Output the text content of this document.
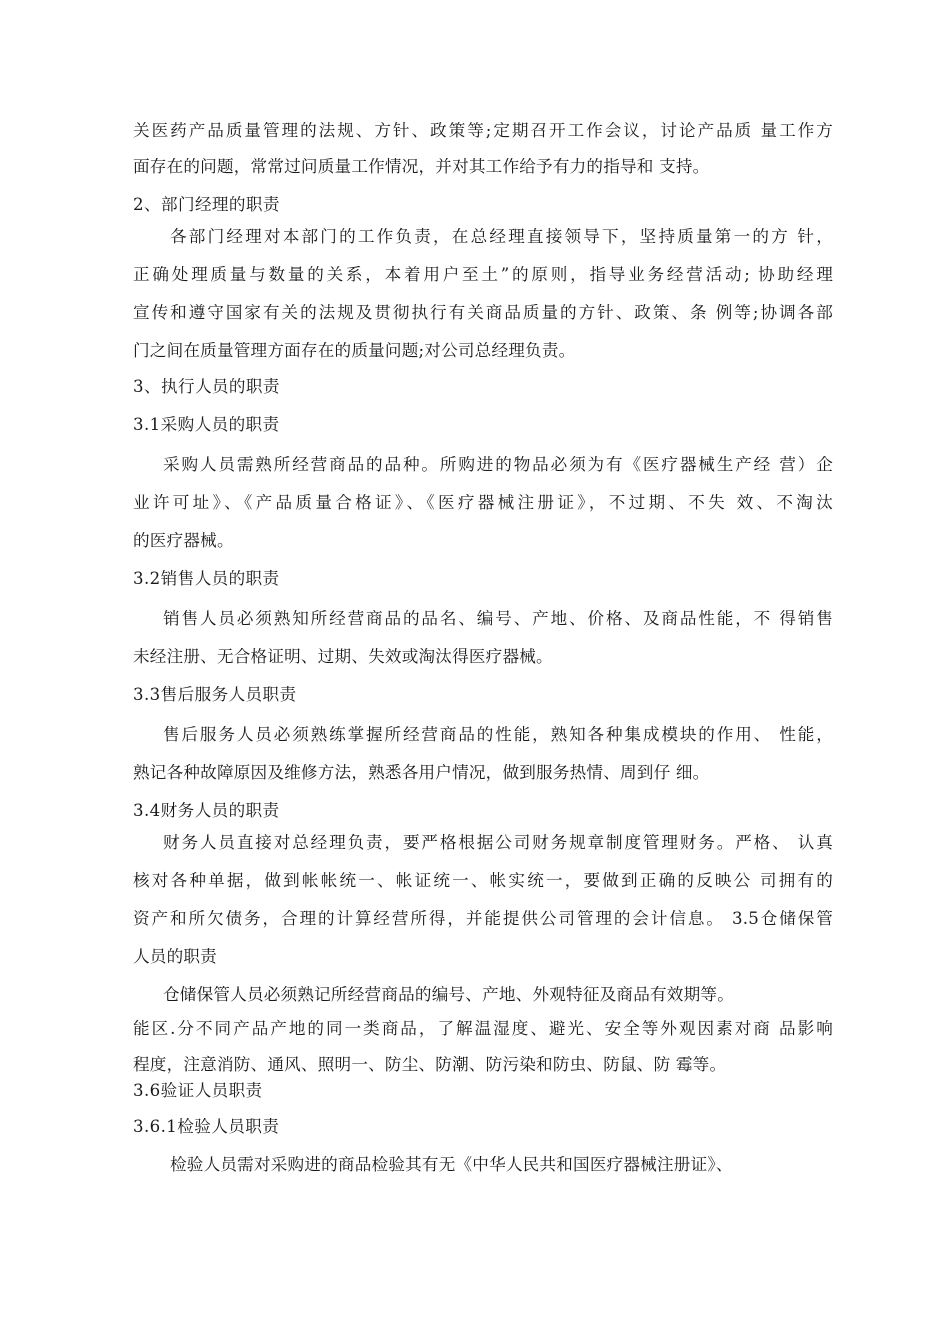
关医药产品质量管理的法规、方针、政策等;定期召开工作会议，讨论产品质 量工作方
面存在的问题，常常过问质量工作情况，并对其工作给予有力的指导和 支持。
2、部门经理的职责
各部门经理对本部门的工作负责，在总经理直接领导下，坚持质量第一的方 针，
正确处理质量与数量的关系，本着用户至土”的原则，指导业务经营活动; 协助经理
宣传和遵守国家有关的法规及贯彻执行有关商品质量的方针、政策、条 例等;协调各部
门之间在质量管理方面存在的质量问题;对公司总经理负责。
3、执行人员的职责
3.1采购人员的职责
采购人员需熟所经营商品的品种。所购进的物品必须为有《医疗器械生产经 营）企
业许可址》、《产品质量合格证》、《医疗器械注册证》，不过期、不失 效、不淘汰
的医疗器械。
3.2销售人员的职责
销售人员必须熟知所经营商品的品名、编号、产地、价格、及商品性能，不 得销售
未经注册、无合格证明、过期、失效或淘汰得医疗器械。
3.3售后服务人员职责
售后服务人员必须熟练掌握所经营商品的性能，熟知各种集成模块的作用、 性能，
熟记各种故障原因及维修方法，熟悉各用户情况，做到服务热情、周到仔 细。
3.4财务人员的职责
财务人员直接对总经理负责，要严格根据公司财务规章制度管理财务。严格、 认真
核对各种单据，做到帐帐统一、帐证统一、帐实统一，要做到正确的反映公 司拥有的
资产和所欠债务，合理的计算经营所得，并能提供公司管理的会计信息。 3.5仓储保管
人员的职责
仓储保管人员必须熟记所经营商品的编号、产地、外观特征及商品有效期等。
能区.分不同产品产地的同一类商品，了解温湿度、避光、安全等外观因素对商 品影响
程度，注意消防、通风、照明一、防尘、防潮、防污染和防虫、防鼠、防 霉等。
3.6验证人员职责
3.6.1检验人员职责
检验人员需对采购进的商品检验其有无《中华人民共和国医疗器械注册证》、
